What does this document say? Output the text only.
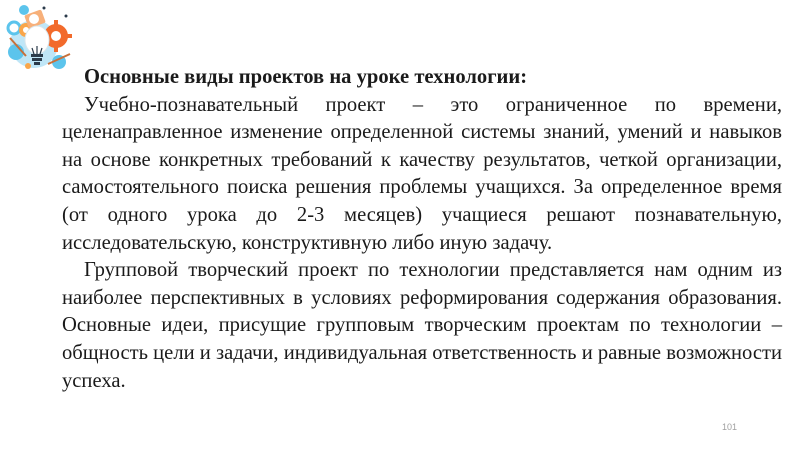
Основные виды проектов на уроке технологии:

Учебно-познавательный проект – это ограниченное по времени, целенаправленное изменение определенной системы знаний, умений и навыков на основе конкретных требований к качеству результатов, четкой организации, самостоятельного поиска решения проблемы учащихся. За определенное время (от одного урока до 2-3 месяцев) учащиеся решают познавательную, исследовательскую, конструктивную либо иную задачу.

Групповой творческий проект по технологии представляется нам одним из наиболее перспективных в условиях реформирования содержания образования. Основные идеи, присущие групповым творческим проектам по технологии – общность цели и задачи, индивидуальная ответственность и равные возможности успеха.

101
